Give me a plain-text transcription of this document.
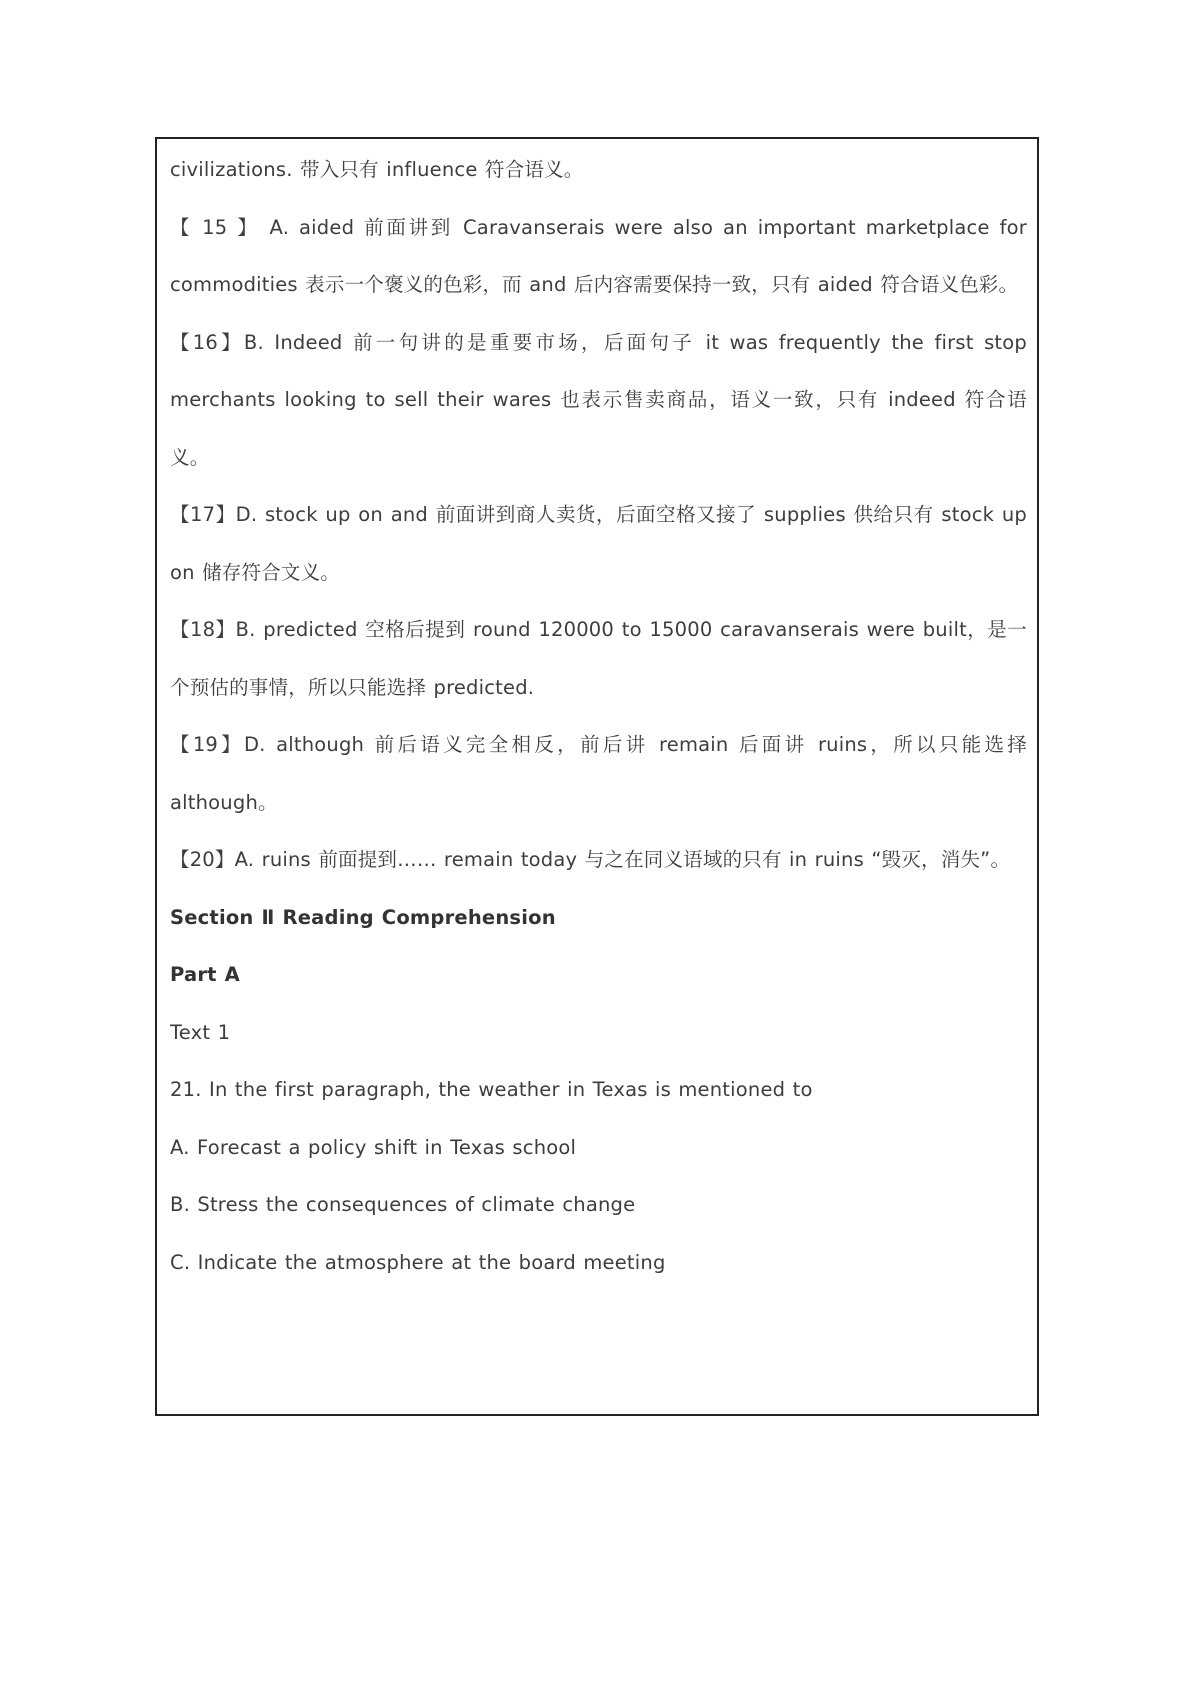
civilizations. 带入只有 influence 符合语义。

【 15 】 A. aided 前面讲到 Caravanserais were also an important marketplace for commodities 表示一个褒义的色彩，而 and 后内容需要保持一致，只有 aided 符合语义色彩。

【16】B. Indeed 前一句讲的是重要市场，后面句子 it was frequently the first stop merchants looking to sell their wares 也表示售卖商品，语义一致，只有 indeed 符合语义。

【17】D. stock up on and 前面讲到商人卖货，后面空格又接了 supplies 供给只有 stock up on 储存符合文义。

【18】B. predicted 空格后提到 round 120000 to 15000 caravanserais were built，是一个预估的事情，所以只能选择 predicted.

【19】D. although 前后语义完全相反，前后讲 remain 后面讲 ruins，所以只能选择 although。

【20】A. ruins 前面提到…… remain today 与之在同义语域的只有 in ruins “毁灭，消失”。

Section Ⅱ Reading Comprehension

Part A

Text 1

21. In the first paragraph, the weather in Texas is mentioned to

A. Forecast a policy shift in Texas school

B. Stress the consequences of climate change

C. Indicate the atmosphere at the board meeting
